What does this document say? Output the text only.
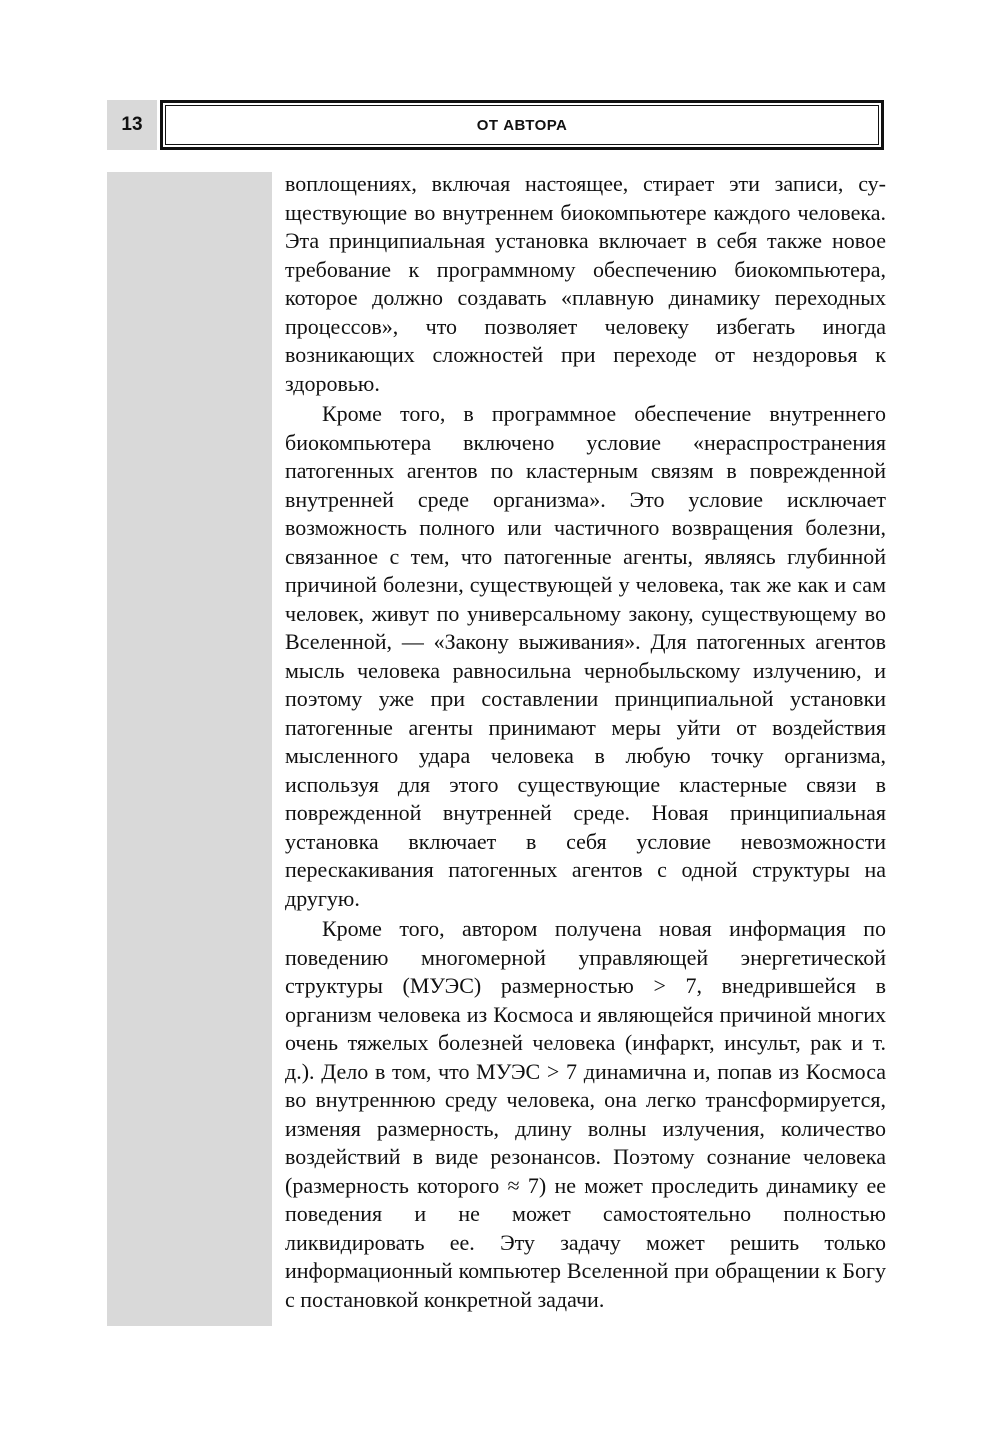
13	ОТ АВТОРА

воплощениях, включая настоящее, стирает эти записи, существующие во внутреннем биокомпьютере каждого человека. Эта принципиальная установка включает в себя также новое требование к программному обеспечению биокомпьютера, которое должно создавать «плавную динамику переходных процессов», что позволяет человеку избегать иногда возникающих сложностей при переходе от нездоровья к здоровью.

Кроме того, в программное обеспечение внутреннего биокомпьютера включено условие «нераспространения патогенных агентов по кластерным связям в поврежденной внутренней среде организма». Это условие исключает возможность полного или частичного возвращения болезни, связанное с тем, что патогенные агенты, являясь глубинной причиной болезни, существующей у человека, так же как и сам человек, живут по универсальному закону, существующему во Вселенной, — «Закону выживания». Для патогенных агентов мысль человека равносильна чернобыльскому излучению, и поэтому уже при составлении принципиальной установки патогенные агенты принимают меры уйти от воздействия мысленного удара человека в любую точку организма, используя для этого существующие кластерные связи в поврежденной внутренней среде. Новая принципиальная установка включает в себя условие невозможности перескакивания патогенных агентов с одной структуры на другую.

Кроме того, автором получена новая информация по поведению многомерной управляющей энергетической структуры (МУЭС) размерностью > 7, внедрившейся в организм человека из Космоса и являющейся причиной многих очень тяжелых болезней человека (инфаркт, инсульт, рак и т. д.). Дело в том, что МУЭС > 7 динамична и, попав из Космоса во внутреннюю среду человека, она легко трансформируется, изменяя размерность, длину волны излучения, количество воздействий в виде резонансов. Поэтому сознание человека (размерность которого ≈ 7) не может проследить динамику ее поведения и не может самостоятельно полностью ликвидировать ее. Эту задачу может решить только информационный компьютер Вселенной при обращении к Богу с постановкой конкретной задачи.
